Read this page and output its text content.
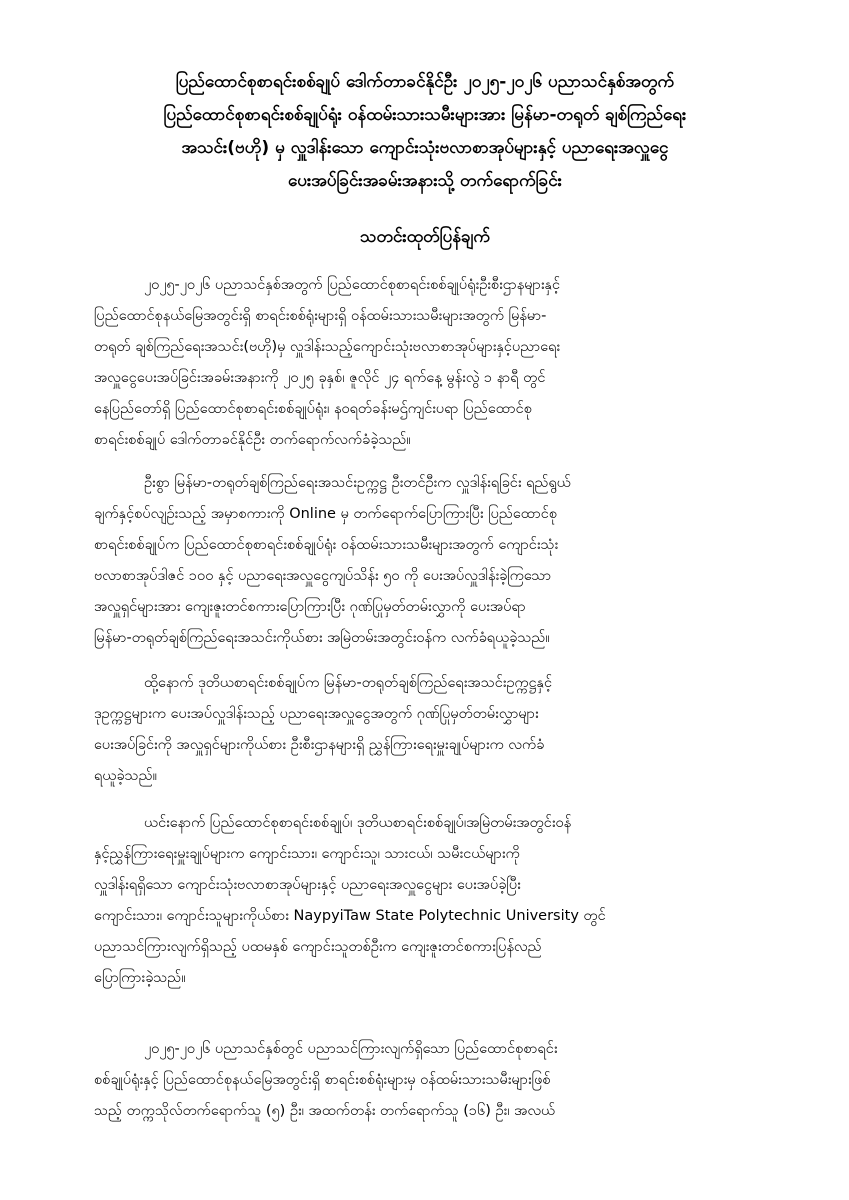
ပြည်ထောင်စုစာရင်းစစ်ချုပ် ဒေါက်တာခင်နိုင်ဦး ၂၀၂၅-၂၀၂၆ ပညာသင်နှစ်အတွက်
ပြည်ထောင်စုစာရင်းစစ်ချုပ်ရုံး ဝန်ထမ်းသားသမီးများအား မြန်မာ-တရုတ် ချစ်ကြည်ရေး
အသင်း(ဗဟို) မှ လှူဒါန်းသော ကျောင်းသုံးဗလာစာအုပ်များနှင့် ပညာရေးအလှူငွေ
ပေးအပ်ခြင်းအခမ်းအနားသို့ တက်ရောက်ခြင်း
သတင်းထုတ်ပြန်ချက်
၂၀၂၅-၂၀၂၆ ပညာသင်နှစ်အတွက် ပြည်ထောင်စုစာရင်းစစ်ချုပ်ရုံးဦးစီးဌာနများနှင့်
ပြည်ထောင်စုနယ်မြေအတွင်းရှိ စာရင်းစစ်ရုံးများရှိ ဝန်ထမ်းသားသမီးများအတွက် မြန်မာ-
တရုတ် ချစ်ကြည်ရေးအသင်း(ဗဟို)မှ လှူဒါန်းသည့်ကျောင်းသုံးဗလာစာအုပ်များနှင့်ပညာရေး
အလှူငွေပေးအပ်ခြင်းအခမ်းအနားကို ၂၀၂၅ ခုနှစ်၊ ဇူလိုင် ၂၄ ရက်နေ့ မွန်းလွဲ ၁ နာရီ တွင်
နေပြည်တော်ရှိ ပြည်ထောင်စုစာရင်းစစ်ချုပ်ရုံး၊ နဝရတ်ခန်းမဌ်ကျင်းပရာ ပြည်ထောင်စု
စာရင်းစစ်ချုပ် ဒေါက်တာခင်နိုင်ဦး တက်ရောက်လက်ခံခဲ့သည်။
ဦးစွာ မြန်မာ-တရုတ်ချစ်ကြည်ရေးအသင်းဥက္ကဋ္ဌ ဦးတင်ဦးက လှူဒါန်းရခြင်း ရည်ရွယ်
ချက်နှင့်စပ်လျဉ်းသည့် အမှာစကားကို Online မှ တက်ရောက်ပြောကြားပြီး ပြည်ထောင်စု
စာရင်းစစ်ချုပ်က ပြည်ထောင်စုစာရင်းစစ်ချုပ်ရုံး ဝန်ထမ်းသားသမီးများအတွက် ကျောင်းသုံး
ဗလာစာအုပ်ဒါဇင် ၁၀၀ နှင့် ပညာရေးအလှူငွေကျပ်သိန်း ၅၀ ကို ပေးအပ်လှူဒါန်းခဲ့ကြသော
အလှူရှင်များအား ကျေးဇူးတင်စကားပြောကြားပြီး ဂုဏ်ပြုမှတ်တမ်းလွှာကို ပေးအပ်ရာ
မြန်မာ-တရုတ်ချစ်ကြည်ရေးအသင်းကိုယ်စား အမြဲတမ်းအတွင်းဝန်က လက်ခံရယူခဲ့သည်။
ထို့နောက် ဒုတိယစာရင်းစစ်ချုပ်က မြန်မာ-တရုတ်ချစ်ကြည်ရေးအသင်းဥက္ကဋ္ဌနှင့်
ဒုဥက္ကဋ္ဌများက ပေးအပ်လှူဒါန်းသည့် ပညာရေးအလှူငွေအတွက် ဂုဏ်ပြုမှတ်တမ်းလွှာများ
ပေးအပ်ခြင်းကို အလှူရှင်များကိုယ်စား ဦးစီးဌာနများရှိ ညွှန်ကြားရေးမှူးချုပ်များက လက်ခံ
ရယူခဲ့သည်။
ယင်းနောက် ပြည်ထောင်စုစာရင်းစစ်ချုပ်၊ ဒုတိယစာရင်းစစ်ချုပ်၊အမြဲတမ်းအတွင်းဝန်
နှင့်ညွှန်ကြားရေးမှူးချုပ်များက ကျောင်းသား၊ ကျောင်းသူ၊ သားငယ်၊ သမီးငယ်များကို
လှူဒါန်းရရှိသော ကျောင်းသုံးဗလာစာအုပ်များနှင့် ပညာရေးအလှူငွေများ ပေးအပ်ခဲ့ပြီး
ကျောင်းသား၊ ကျောင်းသူများကိုယ်စား NaypyiTaw State Polytechnic University တွင်
ပညာသင်ကြားလျက်ရှိသည့် ပထမနှစ် ကျောင်းသူတစ်ဦးက ကျေးဇူးတင်စကားပြန်လည်
ပြောကြားခဲ့သည်။
၂၀၂၅-၂၀၂၆ ပညာသင်နှစ်တွင် ပညာသင်ကြားလျက်ရှိသော ပြည်ထောင်စုစာရင်း
စစ်ချုပ်ရုံးနှင့် ပြည်ထောင်စုနယ်မြေအတွင်းရှိ စာရင်းစစ်ရုံးများမှ ဝန်ထမ်းသားသမီးများဖြစ်
သည့် တက္ကသိုလ်တက်ရောက်သူ (၅) ဦး၊ အထက်တန်း တက်ရောက်သူ (၁၆) ဦး၊ အလယ်
